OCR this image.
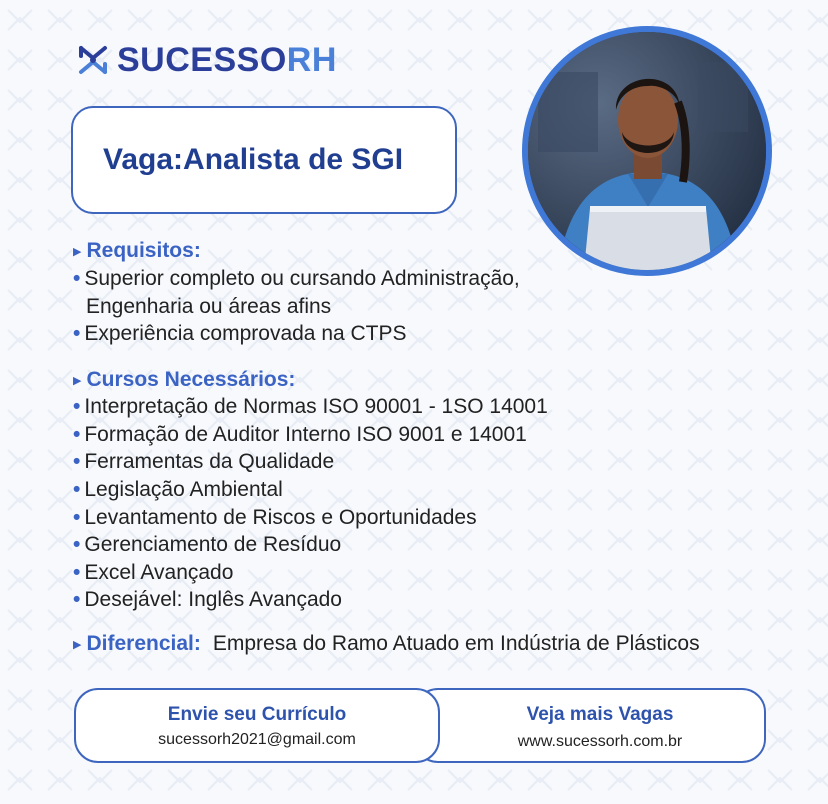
SUCESSORH
Vaga:Analista de SGI
▶ Requisitos:
• Superior completo ou cursando Administração,
Engenharia ou áreas afins
• Experiência comprovada na CTPS
▶ Cursos Necessários:
• Interpretação de Normas ISO 90001 - 1SO 14001
• Formação de Auditor Interno ISO 9001 e 14001
• Ferramentas da Qualidade
• Legislação Ambiental
• Levantamento de Riscos e Oportunidades
• Gerenciamento de Resíduo
• Excel Avançado
• Desejável: Inglês Avançado
▶ Diferencial: Empresa do Ramo Atuado em Indústria de Plásticos
Veja mais Vagas
www.sucessorh.com.br
Envie seu Currículo
sucessorh2021@gmail.com
